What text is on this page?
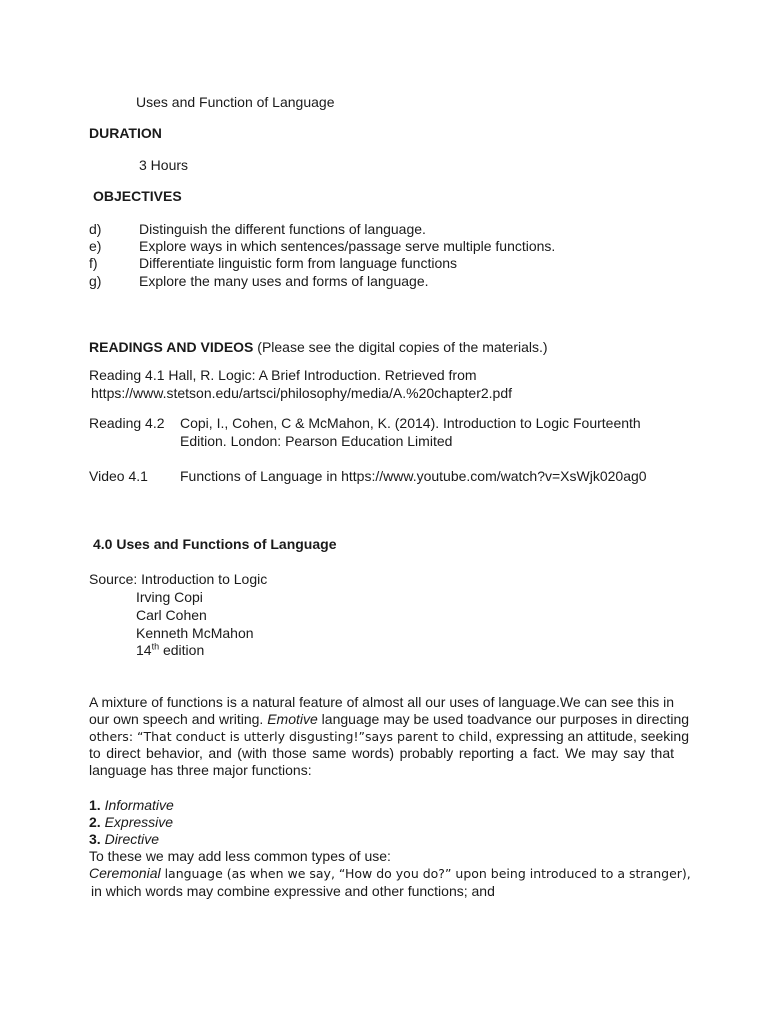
Uses and Function of Language
DURATION
3 Hours
OBJECTIVES
d)	Distinguish the different functions of language.
e)	Explore ways in which sentences/passage serve multiple functions.
f)	Differentiate linguistic form from language functions
g)	Explore the many uses and forms of language.
READINGS AND VIDEOS (Please see the digital copies of the materials.)
Reading 4.1 Hall, R. Logic: A Brief Introduction. Retrieved from
https://www.stetson.edu/artsci/philosophy/media/A.%20chapter2.pdf
Reading 4.2 Copi, I., Cohen, C & McMahon, K. (2014). Introduction to Logic Fourteenth
Edition. London: Pearson Education Limited
Video 4.1 Functions of Language in https://www.youtube.com/watch?v=XsWjk020ag0
4.0 Uses and Functions of Language
Source: Introduction to Logic
Irving Copi
Carl Cohen
Kenneth McMahon
14th edition
A mixture of functions is a natural feature of almost all our uses of language.We can see this in
our own speech and writing. Emotive language may be used toadvance our purposes in directing
others: “That conduct is utterly disgusting!”says parent to child, expressing an attitude, seeking
to direct behavior, and (with those same words) probably reporting a fact. We may say that
language has three major functions:
1. Informative
2. Expressive
3. Directive
To these we may add less common types of use:
Ceremonial language (as when we say, “How do you do?” upon being introduced to a stranger),
in which words may combine expressive and other functions; and
